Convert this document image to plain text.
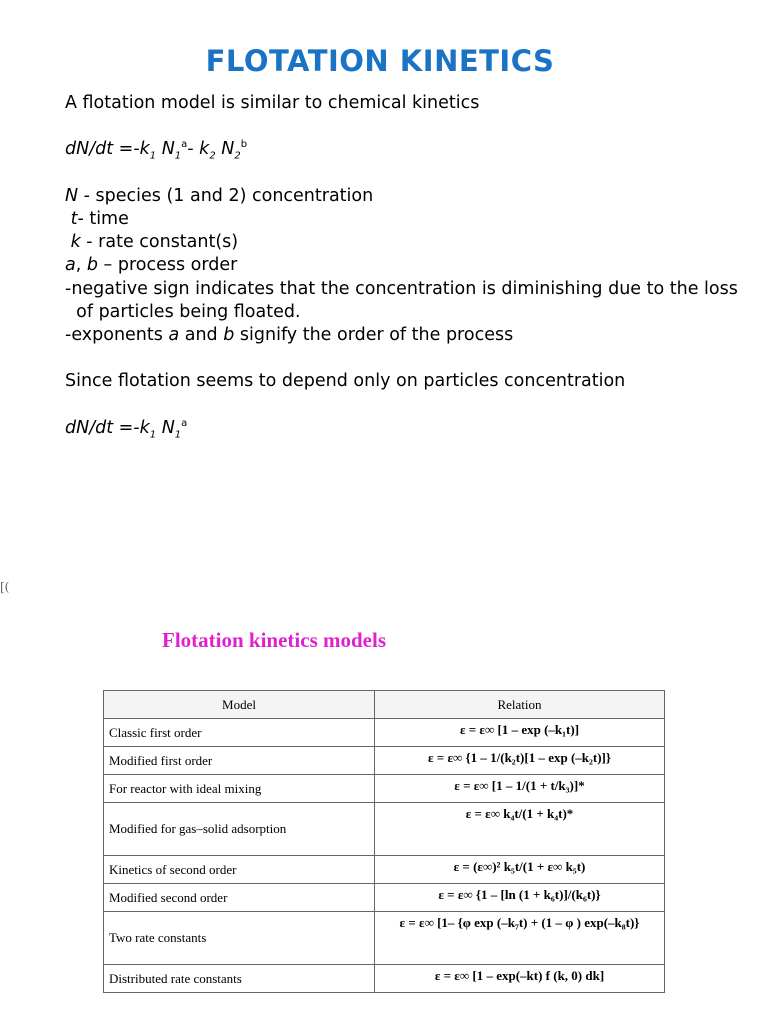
FLOTATION KINETICS

A flotation model is similar to chemical kinetics

$dN/dt =-k_1$ $N_1^a-$ $k_2$ $N_2^b$

N - species (1 and 2) concentration

t- time

k - rate constant(s)

a, b – process order

-negative sign indicates that the concentration is diminishing due to the loss

of particles being floated.

-exponents a and b signify the order of the process

Since flotation seems to depend only on particles concentration

$dN/dt =-k_1$ $N_1^a$

[(
Flotation kinetics models
Model	Relation
Classic first order	ε = ε∞ [1 – exp (–k₁t)]
Modified first order	ε = ε∞ {1 – 1/(k₂t)[1 – exp (–k₂t)]}
For reactor with ideal mixing	ε = ε∞ [1 – 1/(1 + t/k₃)]*
Modified for gas–solid adsorption	ε = ε∞ k₄t/(1 + k₄t)*
Kinetics of second order	ε = (ε∞)² k₅t/(1 + ε∞ k₅t)
Modified second order	ε = ε∞ {1 – [ln (1 + k₆t)]/(k₆t)}
Two rate constants	ε = ε∞ [1– {φ exp (–k₇t) + (1 – φ ) exp(–k₈t)}
Distributed rate constants	ε = ε∞ [1 – exp(–kt) f (k, 0) dk]
